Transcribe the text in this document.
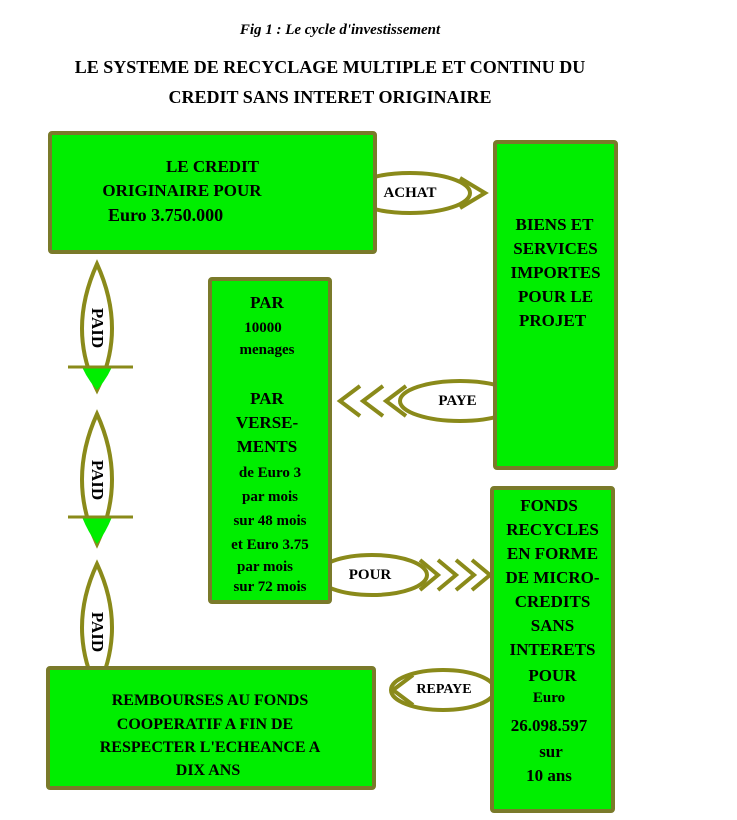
Fig 1 : Le cycle d'investissement
LE SYSTEME DE RECYCLAGE MULTIPLE ET CONTINU DU
CREDIT SANS INTERET ORIGINAIRE
ACHAT
PAYE
POUR
REPAYE
PAID
PAID
PAID
LE CREDIT
ORIGINAIRE POUR
Euro 3.750.000	BIENS ET
SERVICES
IMPORTES
POUR LE
PROJET
PAR
10000
menages
PAR
VERSE-
MENTS
de Euro 3
par mois
sur 48 mois
et Euro 3.75
par mois
sur 72 mois
FONDS
RECYCLES
EN FORME
DE MICRO-
CREDITS
SANS
INTERETS
POUR
Euro
26.098.597
sur
10 ans
REMBOURSES AU FONDS
COOPERATIF A FIN DE
RESPECTER L'ECHEANCE A
DIX ANS
